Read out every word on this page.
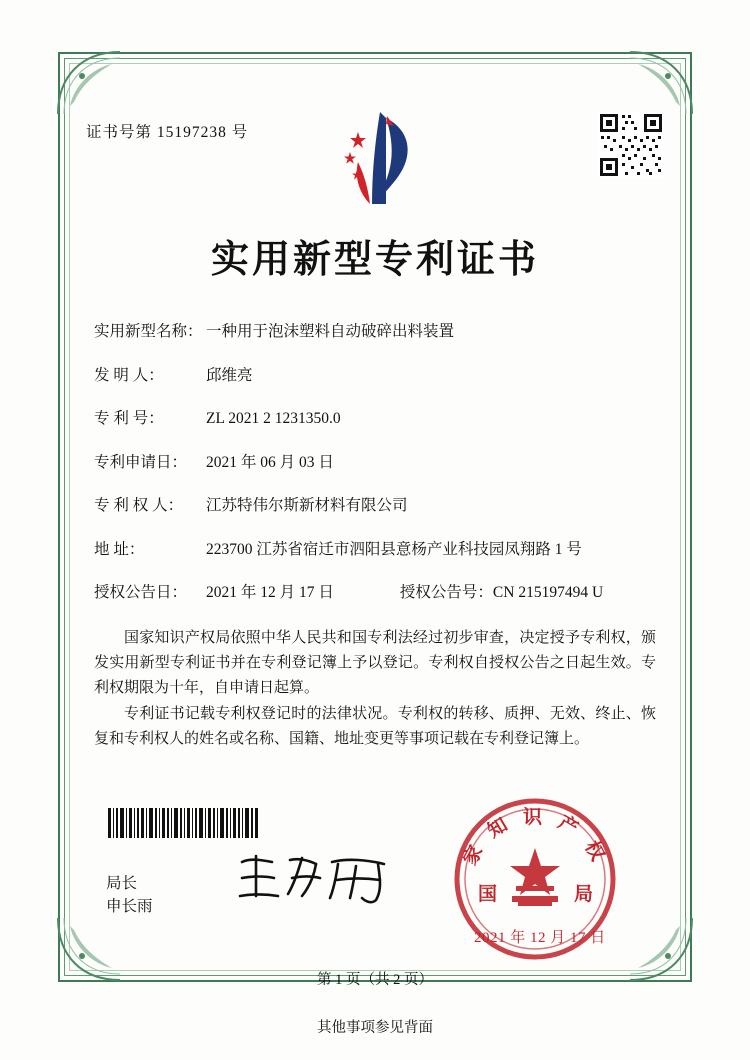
证书号第 15197238 号
实用新型专利证书
实用新型名称： 一种用于泡沫塑料自动破碎出料装置
发 明 人：	邱维亮
专 利 号：	ZL 2021 2 1231350.0
专利申请日： 2021 年 06 月 03 日
专 利 权 人： 江苏特伟尔斯新材料有限公司
地 址：	223700 江苏省宿迁市泗阳县意杨产业科技园凤翔路 1 号
授权公告日： 2021 年 12 月 17 日	授权公告号：CN 215197494 U

国家知识产权局依照中华人民共和国专利法经过初步审查，决定授予专利权，颁发实用新型专利证书并在专利登记簿上予以登记。专利权自授权公告之日起生效。专利权期限为十年，自申请日起算。

专利证书记载专利权登记时的法律状况。专利权的转移、质押、无效、终止、恢复和专利权人的姓名或名称、国籍、地址变更等事项记载在专利登记簿上。

局长
申长雨
家 知 识 产 权
国	局
2021 年 12 月 17 日
第 1 页（共 2 页）
其他事项参见背面
